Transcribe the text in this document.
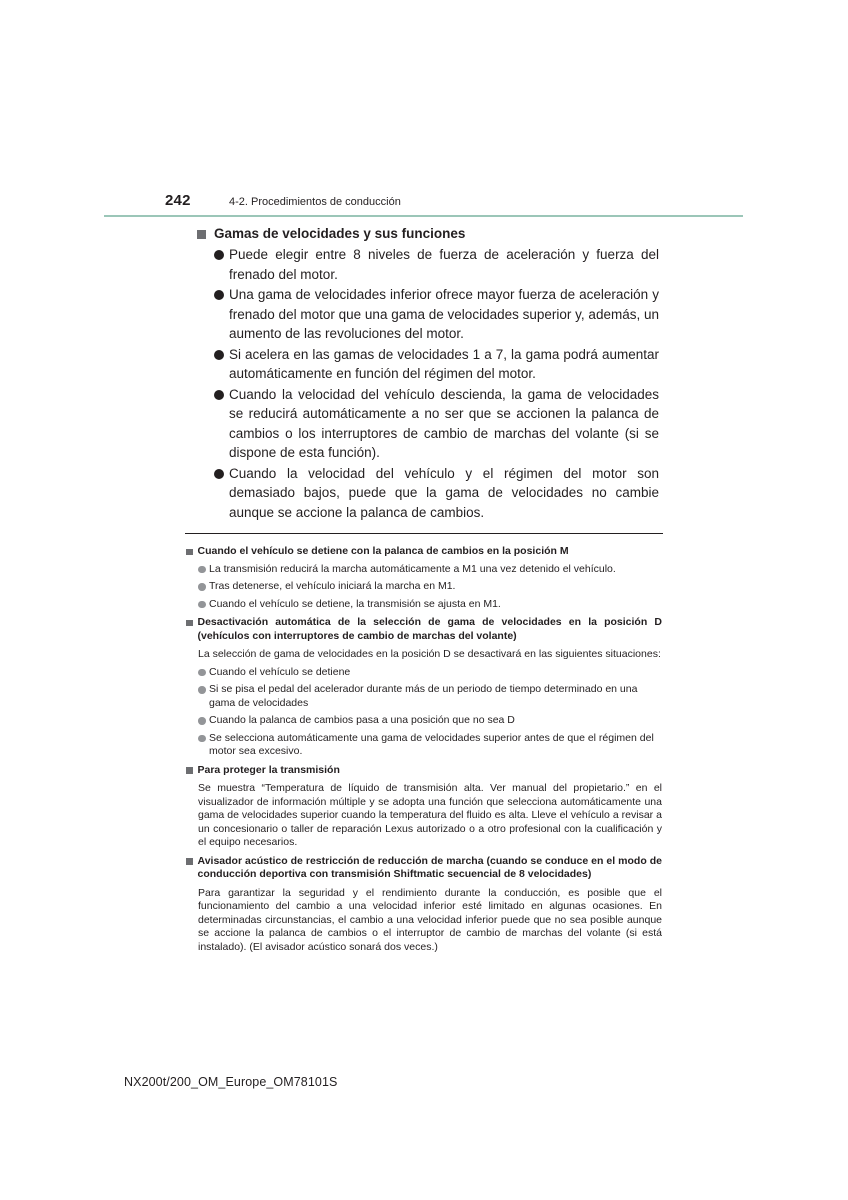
242	4-2. Procedimientos de conducción
Gamas de velocidades y sus funciones
Puede elegir entre 8 niveles de fuerza de aceleración y fuerza del frenado del motor.
Una gama de velocidades inferior ofrece mayor fuerza de aceleración y frenado del motor que una gama de velocidades superior y, además, un aumento de las revoluciones del motor.
Si acelera en las gamas de velocidades 1 a 7, la gama podrá aumentar automáticamente en función del régimen del motor.
Cuando la velocidad del vehículo descienda, la gama de velocidades se reducirá automáticamente a no ser que se accionen la palanca de cambios o los interruptores de cambio de marchas del volante (si se dispone de esta función).
Cuando la velocidad del vehículo y el régimen del motor son demasiado bajos, puede que la gama de velocidades no cambie aunque se accione la palanca de cambios.
Cuando el vehículo se detiene con la palanca de cambios en la posición M
La transmisión reducirá la marcha automáticamente a M1 una vez detenido el vehículo.
Tras detenerse, el vehículo iniciará la marcha en M1.
Cuando el vehículo se detiene, la transmisión se ajusta en M1.
Desactivación automática de la selección de gama de velocidades en la posición D (vehículos con interruptores de cambio de marchas del volante)
La selección de gama de velocidades en la posición D se desactivará en las siguientes situaciones:
Cuando el vehículo se detiene
Si se pisa el pedal del acelerador durante más de un periodo de tiempo determinado en una gama de velocidades
Cuando la palanca de cambios pasa a una posición que no sea D
Se selecciona automáticamente una gama de velocidades superior antes de que el régimen del motor sea excesivo.
Para proteger la transmisión
Se muestra “Temperatura de líquido de transmisión alta. Ver manual del propietario.” en el visualizador de información múltiple y se adopta una función que selecciona automáticamente una gama de velocidades superior cuando la temperatura del fluido es alta. Lleve el vehículo a revisar a un concesionario o taller de reparación Lexus autorizado o a otro profesional con la cualificación y el equipo necesarios.
Avisador acústico de restricción de reducción de marcha (cuando se conduce en el modo de conducción deportiva con transmisión Shiftmatic secuencial de 8 velocidades)
Para garantizar la seguridad y el rendimiento durante la conducción, es posible que el funcionamiento del cambio a una velocidad inferior esté limitado en algunas ocasiones. En determinadas circunstancias, el cambio a una velocidad inferior puede que no sea posible aunque se accione la palanca de cambios o el interruptor de cambio de marchas del volante (si está instalado). (El avisador acústico sonará dos veces.)
NX200t/200_OM_Europe_OM78101S
